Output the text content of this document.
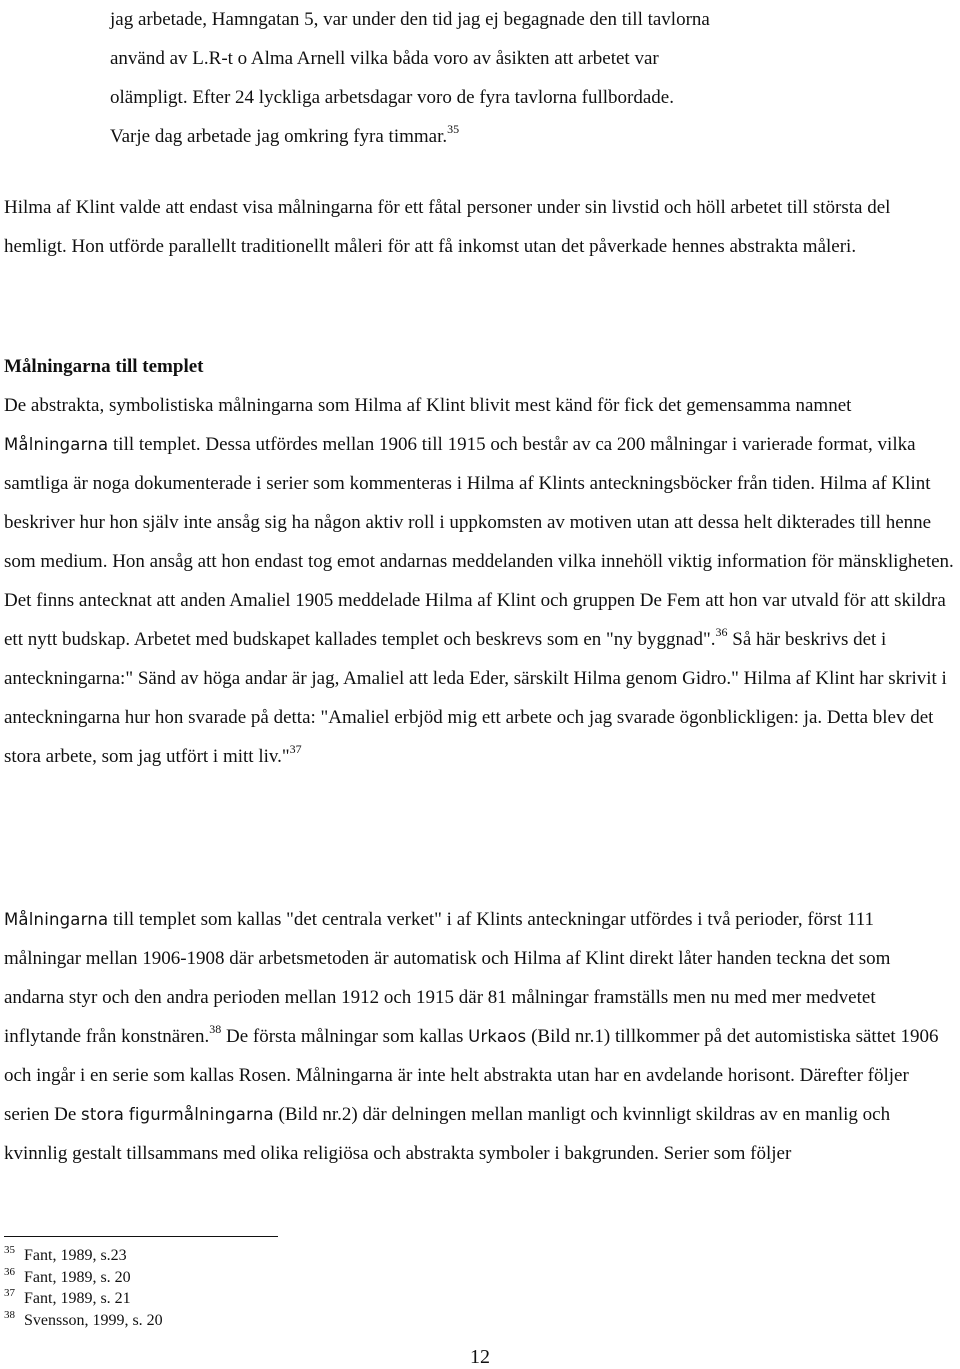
jag arbetade, Hamngatan 5, var under den tid jag ej begagnade den till tavlorna

använd av L.R-t o Alma Arnell vilka båda voro av åsikten att arbetet var

olämpligt. Efter 24 lyckliga arbetsdagar voro de fyra tavlorna fullbordade.

Varje dag arbetade jag omkring fyra timmar.$^{35}$

Hilma af Klint valde att endast visa målningarna för ett fåtal personer under sin livstid och höll arbetet till största del hemligt. Hon utförde parallellt traditionellt måleri för att få inkomst utan det påverkade hennes abstrakta måleri.

Målningarna till templet

De abstrakta, symbolistiska målningarna som Hilma af Klint blivit mest känd för fick det gemensamma namnet Målningarna till templet. Dessa utfördes mellan 1906 till 1915 och består av ca 200 målningar i varierade format, vilka samtliga är noga dokumenterade i serier som kommenteras i Hilma af Klints anteckningsböcker från tiden. Hilma af Klint beskriver hur hon själv inte ansåg sig ha någon aktiv roll i uppkomsten av motiven utan att dessa helt dikterades till henne som medium. Hon ansåg att hon endast tog emot andarnas meddelanden vilka innehöll viktig information för mänskligheten. Det finns antecknat att anden Amaliel 1905 meddelade Hilma af Klint och gruppen De Fem att hon var utvald för att skildra ett nytt budskap. Arbetet med budskapet kallades templet och beskrevs som en "ny byggnad".$^{36}$ Så här beskrivs det i anteckningarna:" Sänd av höga andar är jag, Amaliel att leda Eder, särskilt Hilma genom Gidro." Hilma af Klint har skrivit i anteckningarna hur hon svarade på detta: "Amaliel erbjöd mig ett arbete och jag svarade ögonblickligen: ja. Detta blev det stora arbete, som jag utfört i mitt liv."$^{37}$

Målningarna till templet som kallas "det centrala verket" i af Klints anteckningar utfördes i två perioder, först 111 målningar mellan 1906-1908 där arbetsmetoden är automatisk och Hilma af Klint direkt låter handen teckna det som andarna styr och den andra perioden mellan 1912 och 1915 där 81 målningar framställs men nu med mer medvetet inflytande från konstnären.$^{38}$ De första målningar som kallas Urkaos (Bild nr.1) tillkommer på det automistiska sättet 1906 och ingår i en serie som kallas Rosen. Målningarna är inte helt abstrakta utan har en avdelande horisont. Därefter följer serien De stora figurmålningarna (Bild nr.2) där delningen mellan manligt och kvinnligt skildras av en manlig och kvinnlig gestalt tillsammans med olika religiösa och abstrakta symboler i bakgrunden. Serier som följer

$^{35}$ Fant, 1989, s.23

$^{36}$ Fant, 1989, s. 20

$^{37}$ Fant, 1989, s. 21

$^{38}$ Svensson, 1999, s. 20

12
